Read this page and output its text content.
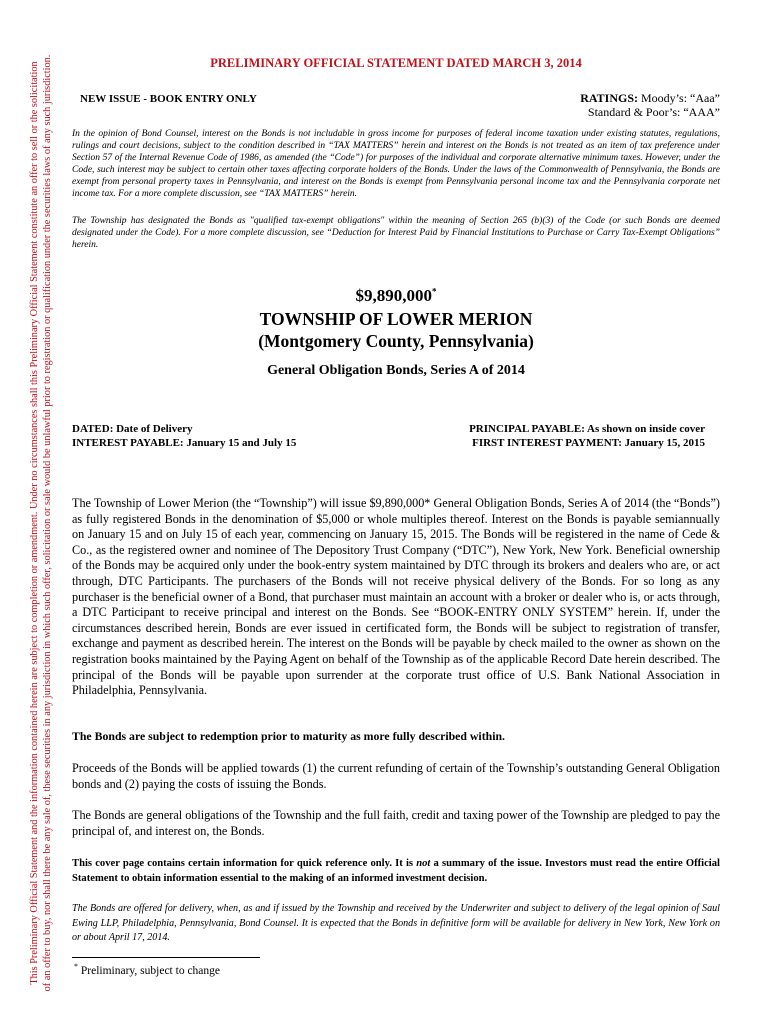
This Preliminary Official Statement and the information contained herein are subject to completion or amendment. Under no circumstances shall this Preliminary Official Statement constitute an offer to sell or the solicitation of an offer to buy, nor shall there be any sale of, these securities in any jurisdiction in which such offer, solicitation or sale would be unlawful prior to registration or qualification under the securities laws of any such jurisdiction.	PRELIMINARY OFFICIAL STATEMENT DATED MARCH 3, 2014
NEW ISSUE - BOOK ENTRY ONLY	RATINGS: Moody’s: “Aaa”
Standard & Poor’s: “AAA”
In the opinion of Bond Counsel, interest on the Bonds is not includable in gross income for purposes of federal income taxation under existing statutes, regulations, rulings and court decisions, subject to the condition described in “TAX MATTERS” herein and interest on the Bonds is not treated as an item of tax preference under Section 57 of the Internal Revenue Code of 1986, as amended (the “Code”) for purposes of the individual and corporate alternative minimum taxes. However, under the Code, such interest may be subject to certain other taxes affecting corporate holders of the Bonds. Under the laws of the Commonwealth of Pennsylvania, the Bonds are exempt from personal property taxes in Pennsylvania, and interest on the Bonds is exempt from Pennsylvania personal income tax and the Pennsylvania corporate net income tax. For a more complete discussion, see “TAX MATTERS” herein.
The Township has designated the Bonds as "qualified tax-exempt obligations" within the meaning of Section 265 (b)(3) of the Code (or such Bonds are deemed designated under the Code). For a more complete discussion, see “Deduction for Interest Paid by Financial Institutions to Purchase or Carry Tax-Exempt Obligations” herein.
$9,890,000*
TOWNSHIP OF LOWER MERION
(Montgomery County, Pennsylvania)
General Obligation Bonds, Series A of 2014
DATED: Date of Delivery
INTEREST PAYABLE: January 15 and July 15
PRINCIPAL PAYABLE: As shown on inside cover
FIRST INTEREST PAYMENT: January 15, 2015
The Township of Lower Merion (the “Township”) will issue $9,890,000* General Obligation Bonds, Series A of 2014 (the “Bonds”) as fully registered Bonds in the denomination of $5,000 or whole multiples thereof. Interest on the Bonds is payable semiannually on January 15 and on July 15 of each year, commencing on January 15, 2015. The Bonds will be registered in the name of Cede & Co., as the registered owner and nominee of The Depository Trust Company (“DTC”), New York, New York. Beneficial ownership of the Bonds may be acquired only under the book-entry system maintained by DTC through its brokers and dealers who are, or act through, DTC Participants. The purchasers of the Bonds will not receive physical delivery of the Bonds. For so long as any purchaser is the beneficial owner of a Bond, that purchaser must maintain an account with a broker or dealer who is, or acts through, a DTC Participant to receive principal and interest on the Bonds. See “BOOK-ENTRY ONLY SYSTEM” herein. If, under the circumstances described herein, Bonds are ever issued in certificated form, the Bonds will be subject to registration of transfer, exchange and payment as described herein. The interest on the Bonds will be payable by check mailed to the owner as shown on the registration books maintained by the Paying Agent on behalf of the Township as of the applicable Record Date herein described. The principal of the Bonds will be payable upon surrender at the corporate trust office of U.S. Bank National Association in Philadelphia, Pennsylvania.
The Bonds are subject to redemption prior to maturity as more fully described within.
Proceeds of the Bonds will be applied towards (1) the current refunding of certain of the Township’s outstanding General Obligation bonds and (2) paying the costs of issuing the Bonds.
The Bonds are general obligations of the Township and the full faith, credit and taxing power of the Township are pledged to pay the principal of, and interest on, the Bonds.
This cover page contains certain information for quick reference only. It is not a summary of the issue. Investors must read the entire Official Statement to obtain information essential to the making of an informed investment decision.
The Bonds are offered for delivery, when, as and if issued by the Township and received by the Underwriter and subject to delivery of the legal opinion of Saul Ewing LLP, Philadelphia, Pennsylvania, Bond Counsel. It is expected that the Bonds in definitive form will be available for delivery in New York, New York on or about April 17, 2014.
* Preliminary, subject to change
